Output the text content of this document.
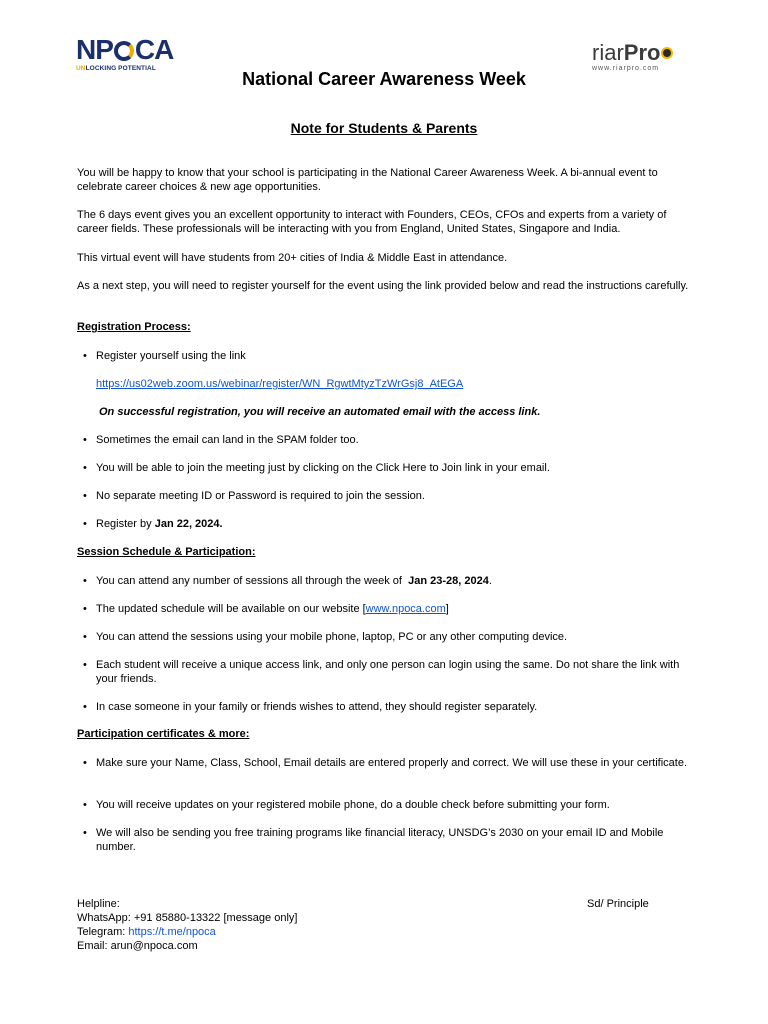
NP CA
UNLOCKING POTENTIAL
riarPro
www.riarpro.com
National Career Awareness Week
Note for Students & Parents
You will be happy to know that your school is participating in the National Career Awareness Week. A bi-annual event to celebrate career choices & new age opportunities.
The 6 days event gives you an excellent opportunity to interact with Founders, CEOs, CFOs and experts from a variety of career fields. These professionals will be interacting with you from England, United States, Singapore and India.
This virtual event will have students from 20+ cities of India & Middle East in attendance.
As a next step, you will need to register yourself for the event using the link provided below and read the instructions carefully.
Registration Process:
• Register yourself using the link
https://us02web.zoom.us/webinar/register/WN_RgwtMtyzTzWrGsj8_AtEGA
On successful registration, you will receive an automated email with the access link.
• Sometimes the email can land in the SPAM folder too.
• You will be able to join the meeting just by clicking on the Click Here to Join link in your email.
• No separate meeting ID or Password is required to join the session.
• Register by Jan 22, 2024.
Session Schedule & Participation:
• You can attend any number of sessions all through the week of  Jan 23-28, 2024.
• The updated schedule will be available on our website [www.npoca.com]
• You can attend the sessions using your mobile phone, laptop, PC or any other computing device.
• Each student will receive a unique access link, and only one person can login using the same. Do not share the link with your friends.
• In case someone in your family or friends wishes to attend, they should register separately.
Participation certificates & more:
• Make sure your Name, Class, School, Email details are entered properly and correct. We will use these in your certificate.
• You will receive updates on your registered mobile phone, do a double check before submitting your form.
• We will also be sending you free training programs like financial literacy, UNSDG’s 2030 on your email ID and Mobile number.
Helpline:
WhatsApp: +91 85880-13322 [message only]
Telegram: https://t.me/npoca
Email: arun@npoca.com
Sd/ Principle
